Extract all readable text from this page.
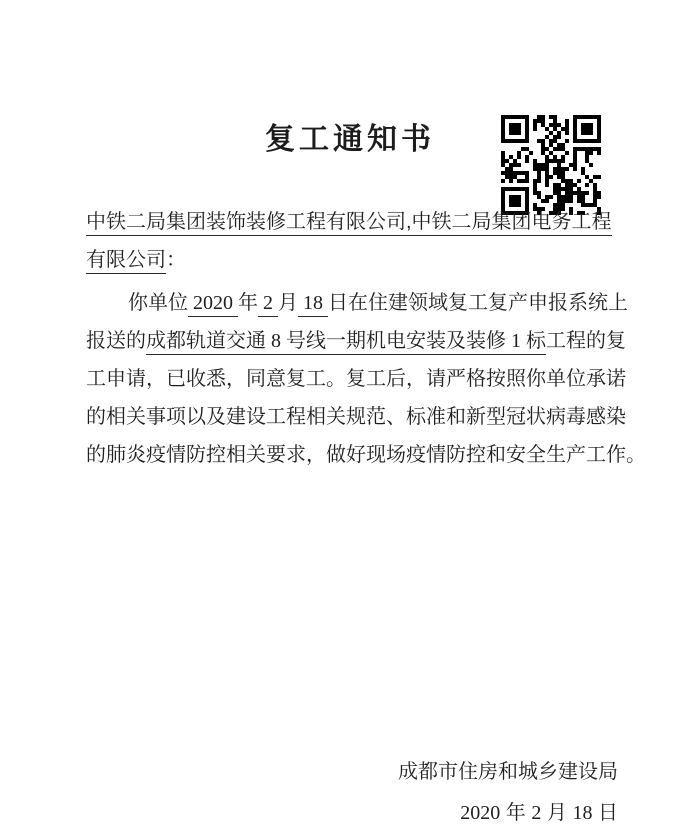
复工通知书

中铁二局集团装饰装修工程有限公司,中铁二局集团电务工程

有限公司：

你单位 2020 年 2 月 18 日在住建领域复工复产申报系统上

报送的成都轨道交通 8 号线一期机电安装及装修 1 标工程的复

工申请，已收悉，同意复工。复工后，请严格按照你单位承诺

的相关事项以及建设工程相关规范、标准和新型冠状病毒感染

的肺炎疫情防控相关要求，做好现场疫情防控和安全生产工作。

成都市住房和城乡建设局

2020 年 2 月 18 日
